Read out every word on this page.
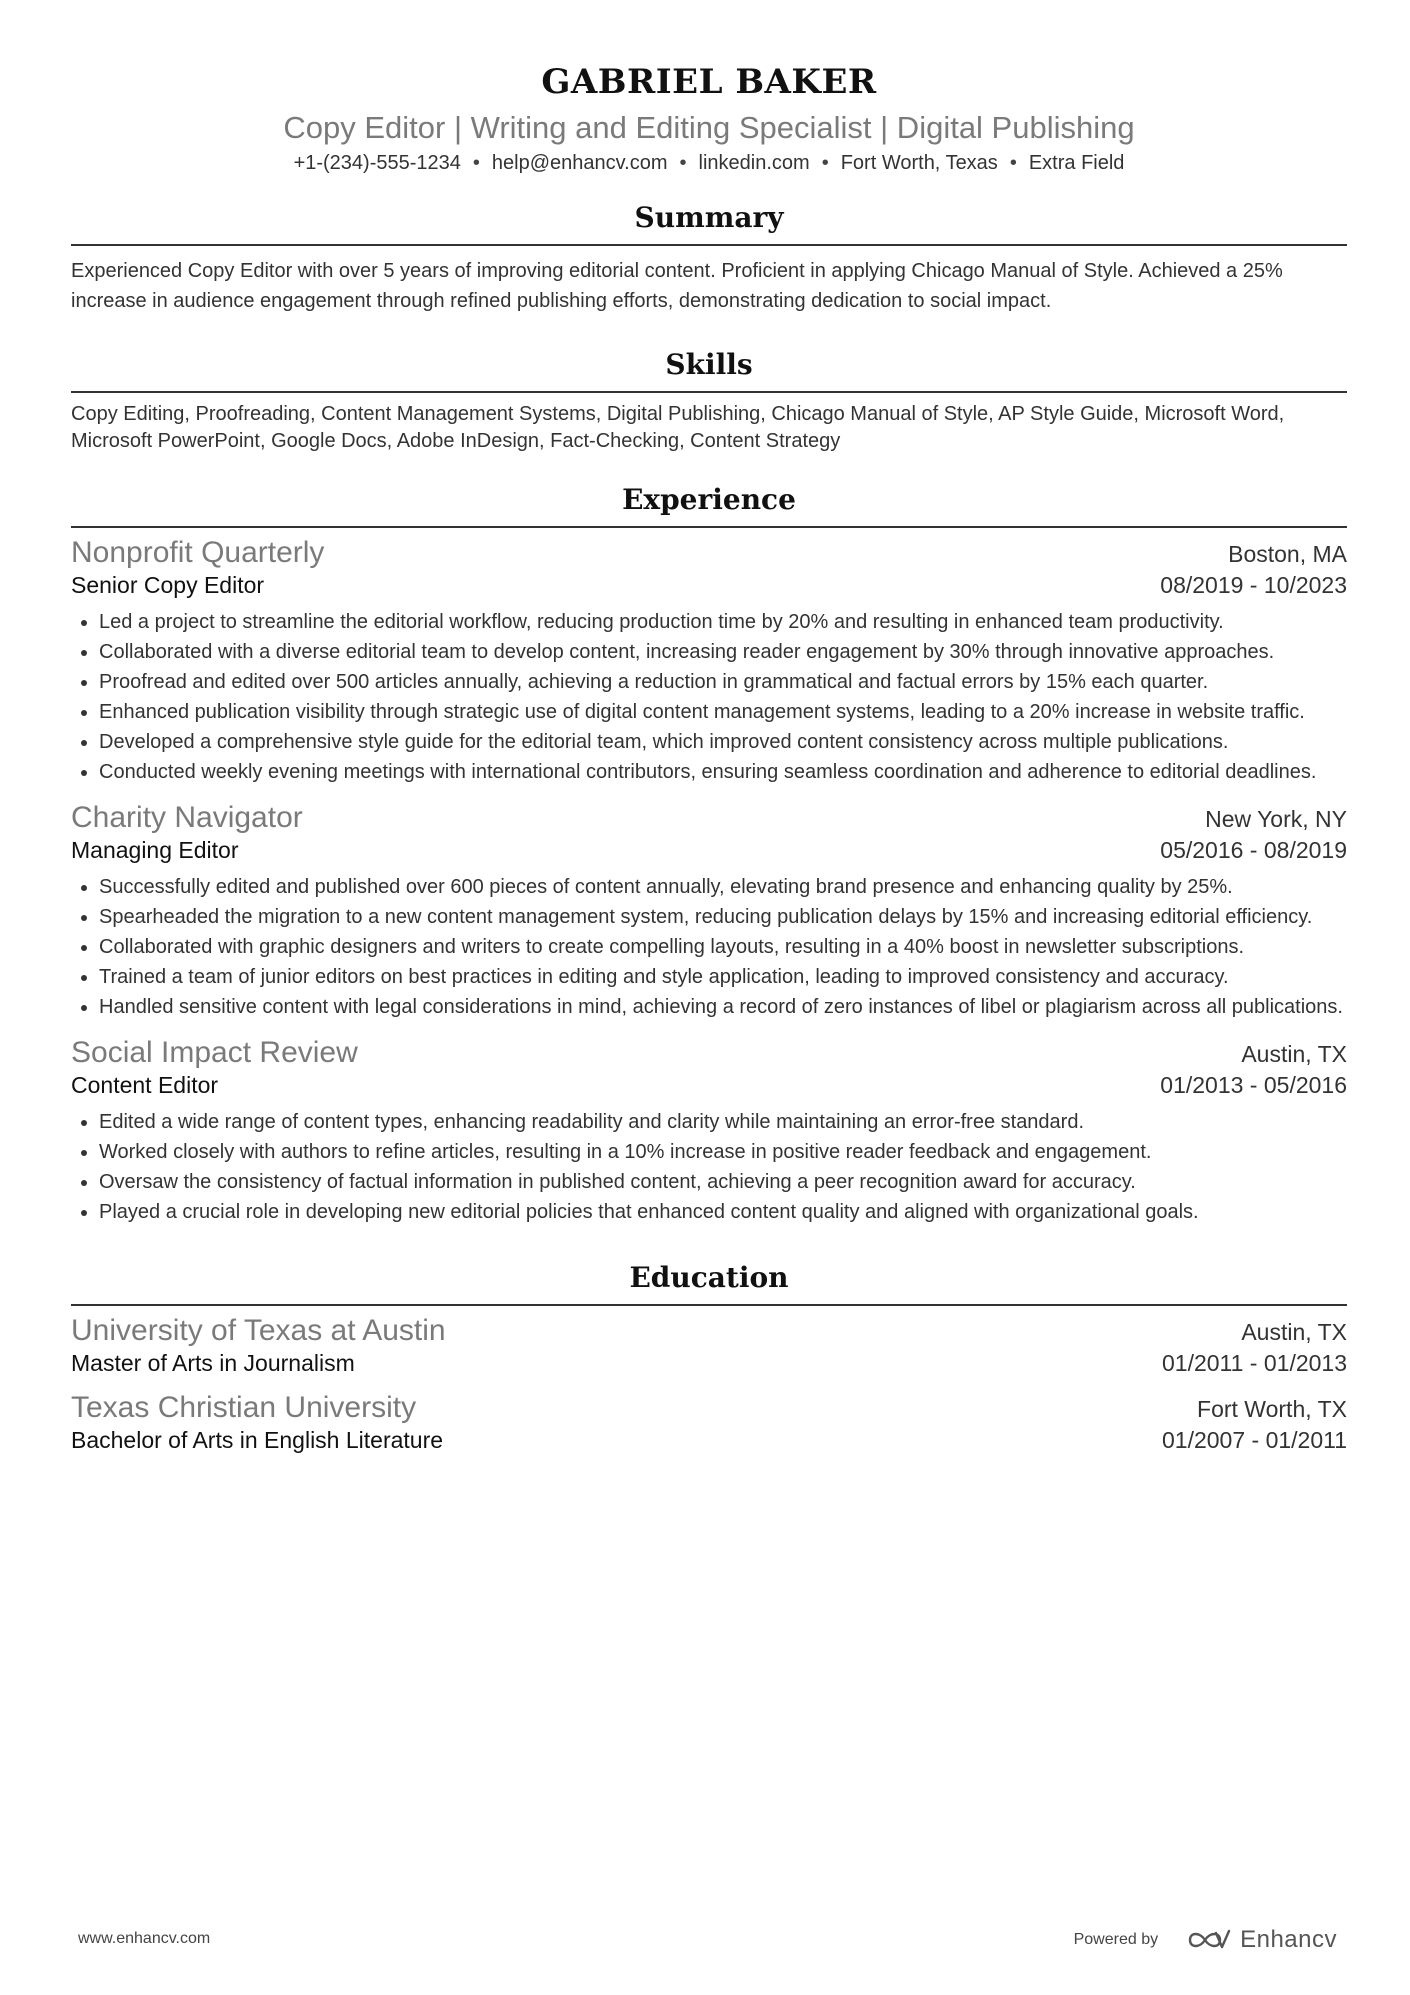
GABRIEL BAKER
Copy Editor | Writing and Editing Specialist | Digital Publishing
+1-(234)-555-1234 • help@enhancv.com • linkedin.com • Fort Worth, Texas • Extra Field
Summary
Experienced Copy Editor with over 5 years of improving editorial content. Proficient in applying Chicago Manual of Style. Achieved a 25% increase in audience engagement through refined publishing efforts, demonstrating dedication to social impact.
Skills
Copy Editing, Proofreading, Content Management Systems, Digital Publishing, Chicago Manual of Style, AP Style Guide, Microsoft Word, Microsoft PowerPoint, Google Docs, Adobe InDesign, Fact-Checking, Content Strategy
Experience
Nonprofit Quarterly	Boston, MA
Senior Copy Editor	08/2019 - 10/2023
• Led a project to streamline the editorial workflow, reducing production time by 20% and resulting in enhanced team productivity.
• Collaborated with a diverse editorial team to develop content, increasing reader engagement by 30% through innovative approaches.
• Proofread and edited over 500 articles annually, achieving a reduction in grammatical and factual errors by 15% each quarter.
• Enhanced publication visibility through strategic use of digital content management systems, leading to a 20% increase in website traffic.
• Developed a comprehensive style guide for the editorial team, which improved content consistency across multiple publications.
• Conducted weekly evening meetings with international contributors, ensuring seamless coordination and adherence to editorial deadlines.
Charity Navigator	New York, NY
Managing Editor	05/2016 - 08/2019
• Successfully edited and published over 600 pieces of content annually, elevating brand presence and enhancing quality by 25%.
• Spearheaded the migration to a new content management system, reducing publication delays by 15% and increasing editorial efficiency.
• Collaborated with graphic designers and writers to create compelling layouts, resulting in a 40% boost in newsletter subscriptions.
• Trained a team of junior editors on best practices in editing and style application, leading to improved consistency and accuracy.
• Handled sensitive content with legal considerations in mind, achieving a record of zero instances of libel or plagiarism across all publications.
Social Impact Review	Austin, TX
Content Editor	01/2013 - 05/2016
• Edited a wide range of content types, enhancing readability and clarity while maintaining an error-free standard.
• Worked closely with authors to refine articles, resulting in a 10% increase in positive reader feedback and engagement.
• Oversaw the consistency of factual information in published content, achieving a peer recognition award for accuracy.
• Played a crucial role in developing new editorial policies that enhanced content quality and aligned with organizational goals.
Education
University of Texas at Austin	Austin, TX
Master of Arts in Journalism	01/2011 - 01/2013
Texas Christian University	Fort Worth, TX
Bachelor of Arts in English Literature	01/2007 - 01/2011
www.enhancv.com	Powered by	Enhancv
